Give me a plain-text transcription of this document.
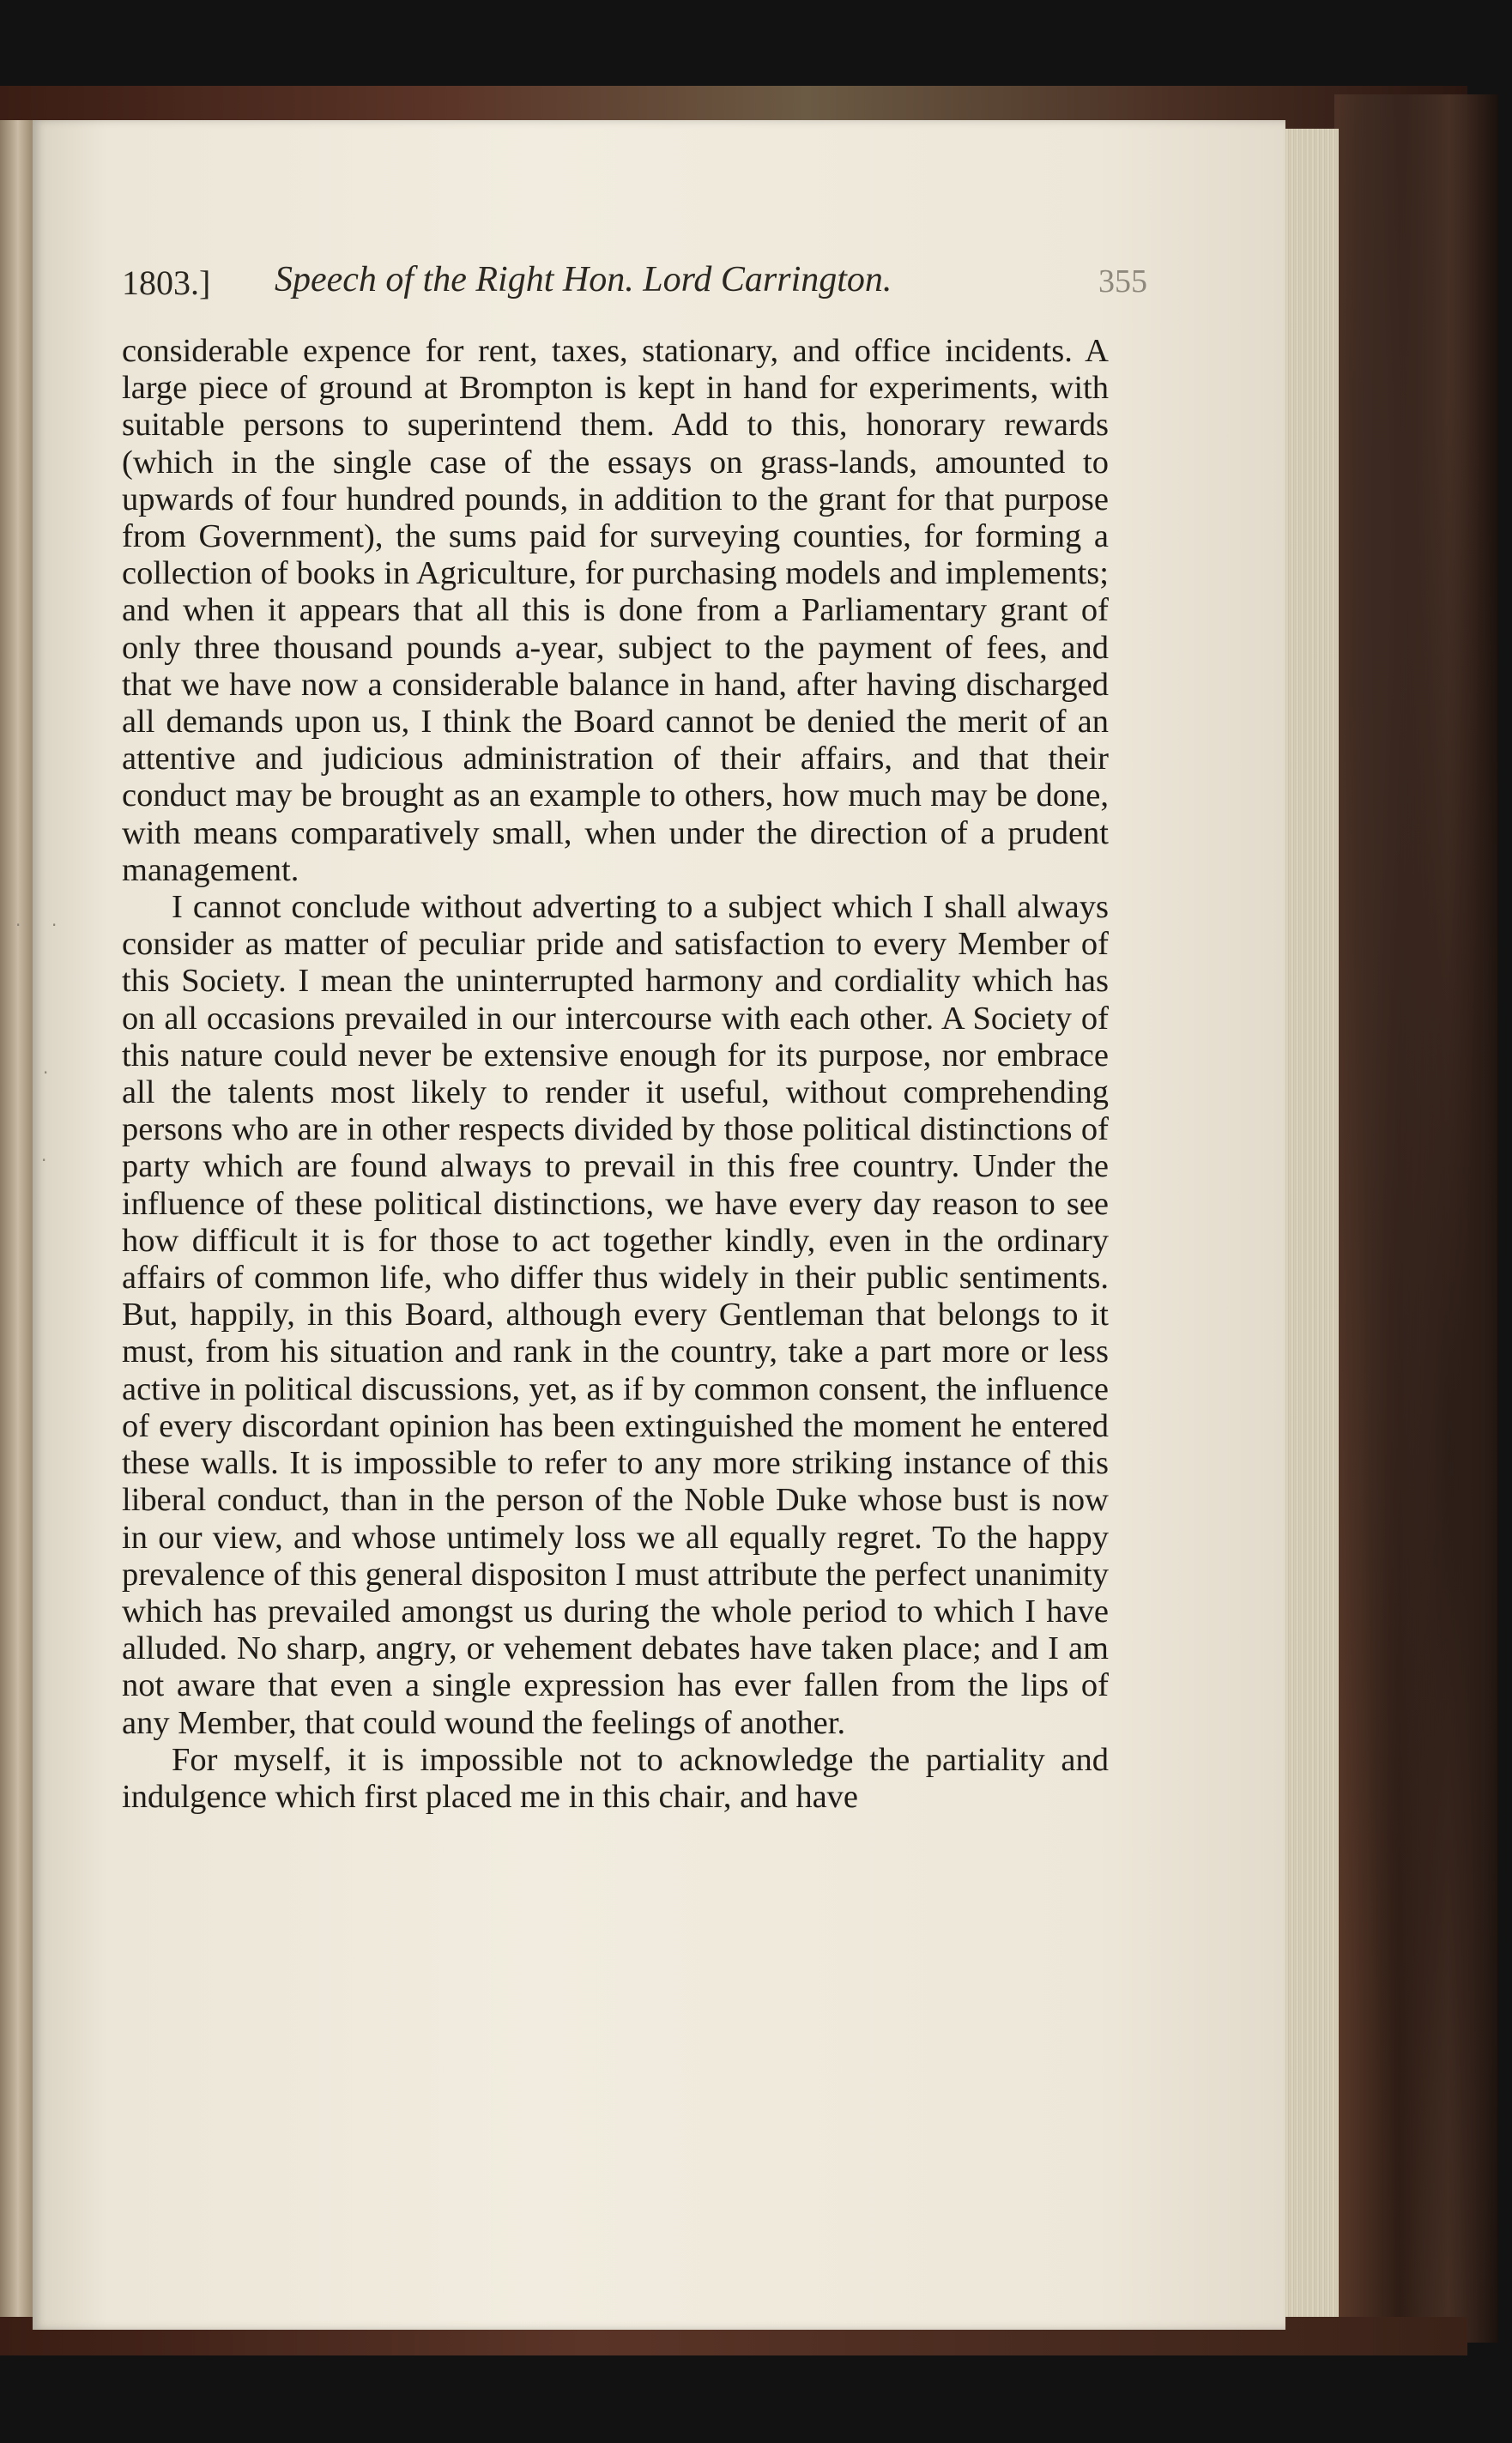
1803.] Speech of the Right Hon. Lord Carrington.	355

considerable expence for rent, taxes, stationary, and office incidents. A large piece of ground at Brompton is kept in hand for experiments, with suitable persons to superintend them. Add to this, honorary rewards (which in the single case of the essays on grass-lands, amounted to upwards of four hundred pounds, in addition to the grant for that purpose from Government), the sums paid for surveying counties, for forming a collection of books in Agriculture, for purchasing models and implements; and when it appears that all this is done from a Parliamentary grant of only three thousand pounds a-year, subject to the payment of fees, and that we have now a considerable balance in hand, after having discharged all demands upon us, I think the Board cannot be denied the merit of an attentive and judicious administration of their affairs, and that their conduct may be brought as an example to others, how much may be done, with means comparatively small, when under the direction of a prudent management.

I cannot conclude without adverting to a subject which I shall always consider as matter of peculiar pride and satisfaction to every Member of this Society. I mean the uninterrupted harmony and cordiality which has on all occasions prevailed in our intercourse with each other. A Society of this nature could never be extensive enough for its purpose, nor embrace all the talents most likely to render it useful, without comprehending persons who are in other respects divided by those political distinctions of party which are found always to prevail in this free country. Under the influence of these political distinctions, we have every day reason to see how difficult it is for those to act together kindly, even in the ordinary affairs of common life, who differ thus widely in their public sentiments. But, happily, in this Board, although every Gentleman that belongs to it must, from his situation and rank in the country, take a part more or less active in political discussions, yet, as if by common consent, the influence of every discordant opinion has been extinguished the moment he entered these walls. It is impossible to refer to any more striking instance of this liberal conduct, than in the person of the Noble Duke whose bust is now in our view, and whose untimely loss we all equally regret. To the happy prevalence of this general dispositon I must attribute the perfect unanimity which has prevailed amongst us during the whole period to which I have alluded. No sharp, angry, or vehement debates have taken place; and I am not aware that even a single expression has ever fallen from the lips of any Member, that could wound the feelings of another.

For myself, it is impossible not to acknowledge the partiality and indulgence which first placed me in this chair, and have

· ·
·
·
